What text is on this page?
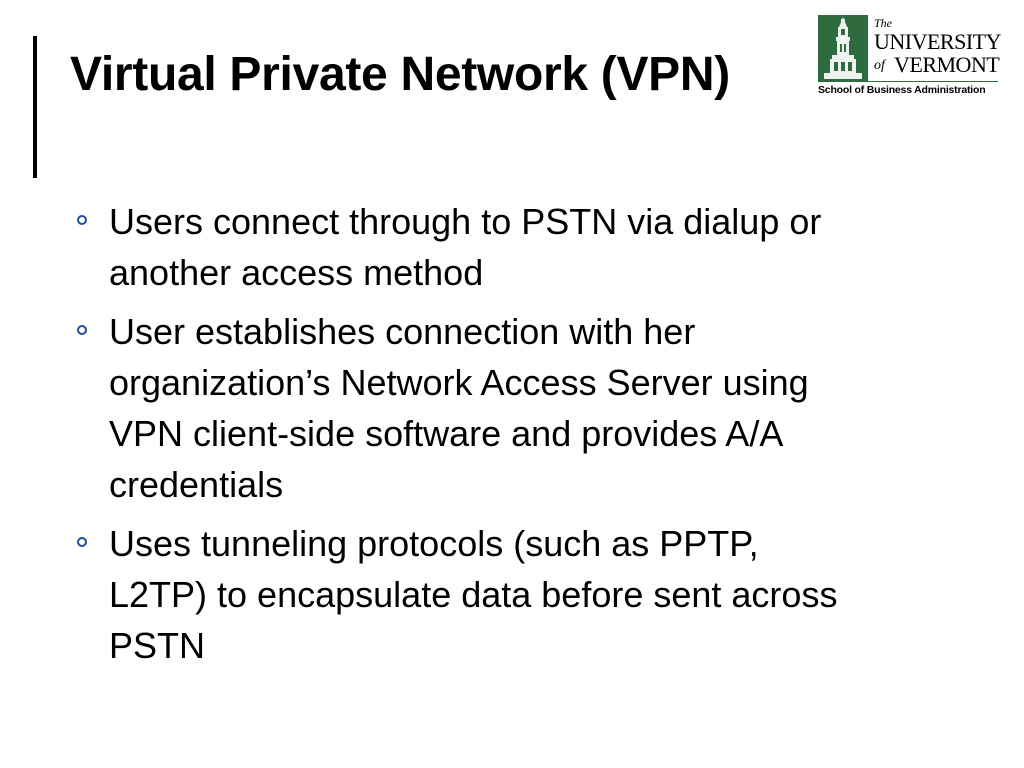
Virtual Private Network (VPN)
The
UNIVERSITY
of VERMONT
School of Business Administration
Users connect through to PSTN via dialup or another access method
User establishes connection with her organization’s Network Access Server using VPN client-side software and provides A/A credentials
Uses tunneling protocols (such as PPTP, L2TP) to encapsulate data before sent across PSTN
